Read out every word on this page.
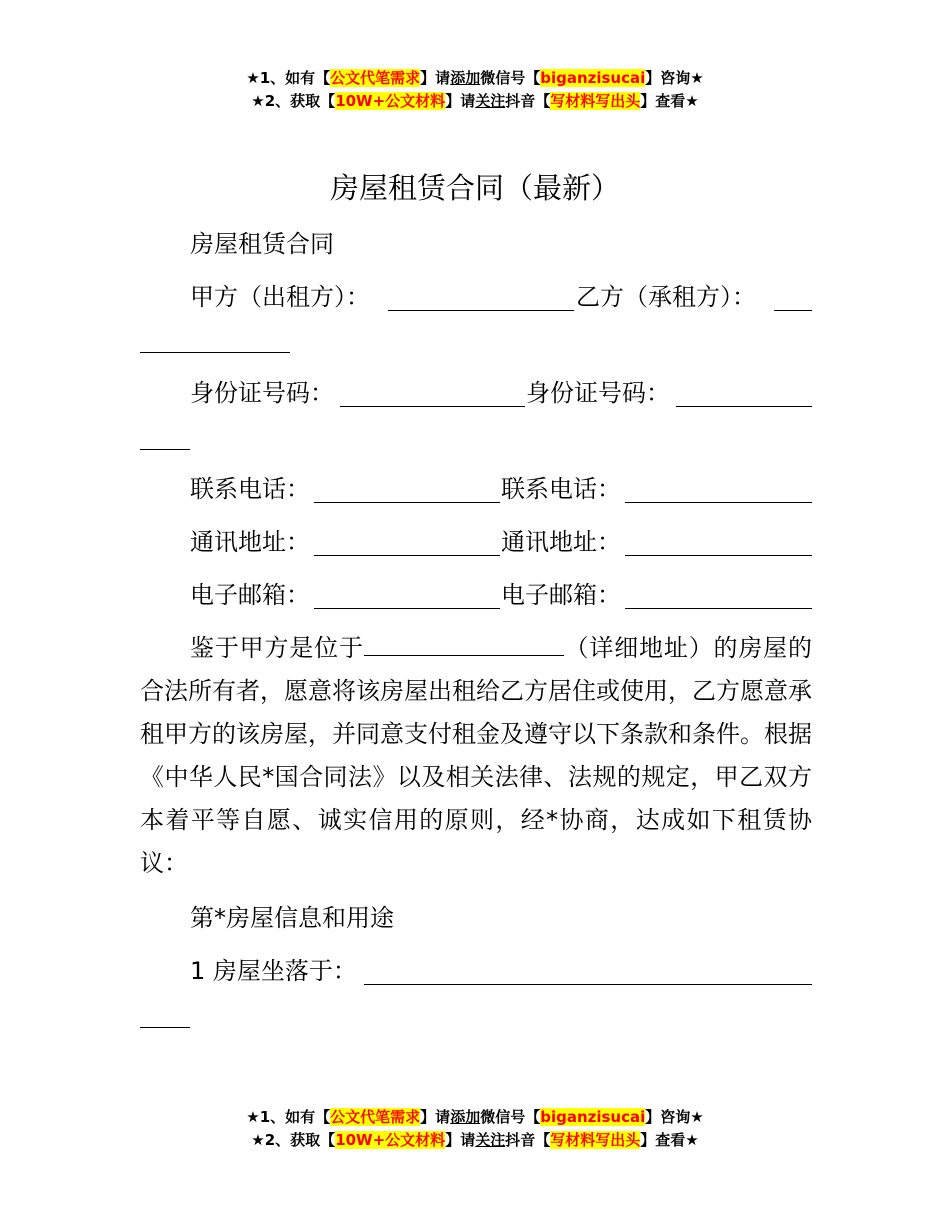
★1、如有【公文代笔需求】请添加微信号【biganzisucai】咨询★
★2、获取【10W+公文材料】请关注抖音【写材料写出头】查看★
房屋租赁合同（最新）
房屋租赁合同
甲方（出租方）：	乙方（承租方）：
身份证号码：	身份证号码：
联系电话：	联系电话：
通讯地址：	通讯地址：
电子邮箱：	电子邮箱：
鉴于甲方是位于	（详细地址）的房屋的合法所有者，愿意将该房屋出租给乙方居住或使用，乙方愿意承租甲方的该房屋，并同意支付租金及遵守以下条款和条件。根据《中华人民*国合同法》以及相关法律、法规的规定，甲乙双方本着平等自愿、诚实信用的原则，经*协商，达成如下租赁协议：
第*房屋信息和用途
1 房屋坐落于：
★1、如有【公文代笔需求】请添加微信号【biganzisucai】咨询★
★2、获取【10W+公文材料】请关注抖音【写材料写出头】查看★
